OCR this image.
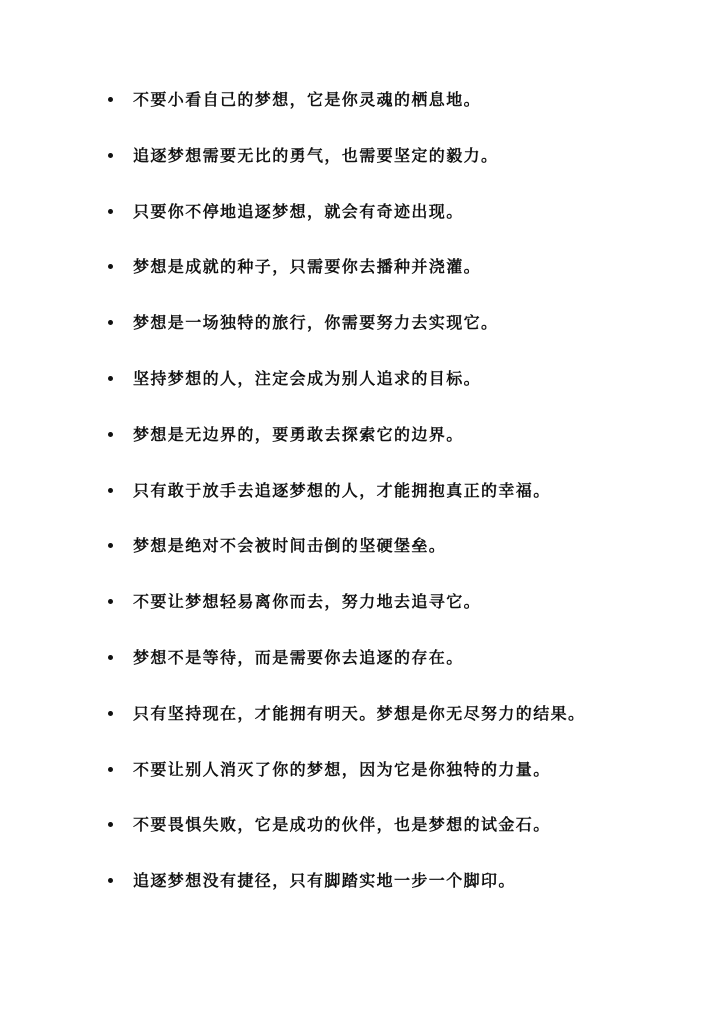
不要小看自己的梦想，它是你灵魂的栖息地。
追逐梦想需要无比的勇气，也需要坚定的毅力。
只要你不停地追逐梦想，就会有奇迹出现。
梦想是成就的种子，只需要你去播种并浇灌。
梦想是一场独特的旅行，你需要努力去实现它。
坚持梦想的人，注定会成为别人追求的目标。
梦想是无边界的，要勇敢去探索它的边界。
只有敢于放手去追逐梦想的人，才能拥抱真正的幸福。
梦想是绝对不会被时间击倒的坚硬堡垒。
不要让梦想轻易离你而去，努力地去追寻它。
梦想不是等待，而是需要你去追逐的存在。
只有坚持现在，才能拥有明天。梦想是你无尽努力的结果。
不要让别人消灭了你的梦想，因为它是你独特的力量。
不要畏惧失败，它是成功的伙伴，也是梦想的试金石。
追逐梦想没有捷径，只有脚踏实地一步一个脚印。
